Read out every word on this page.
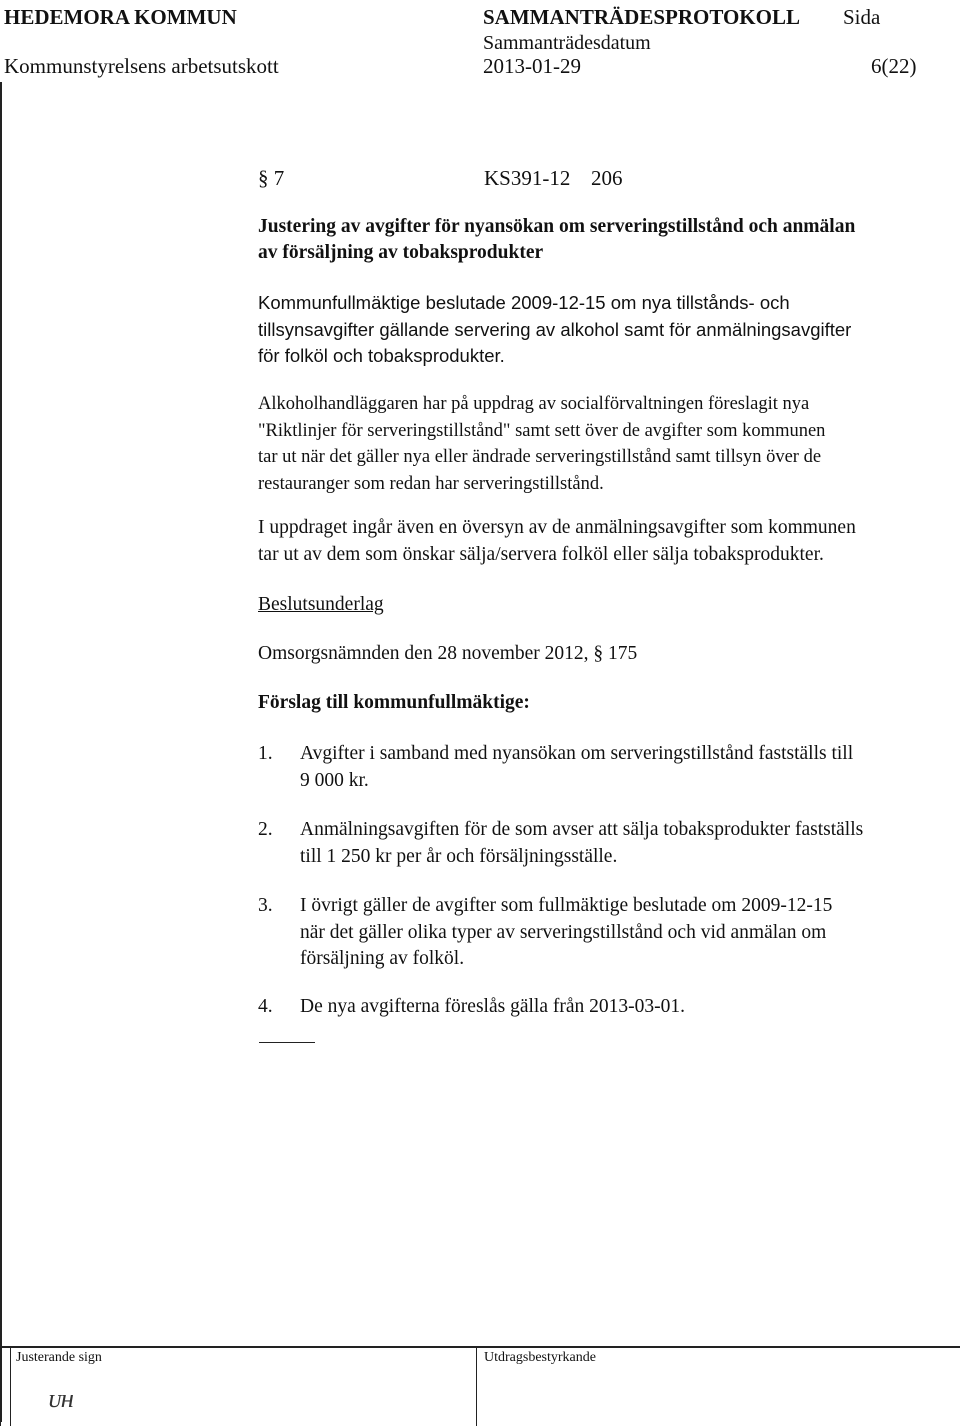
HEDEMORA KOMMUN
Kommunstyrelsens arbetsutskott
SAMMANTRÄDESPROTOKOLL
Sammanträdesdatum
2013-01-29
Sida
6(22)
§ 7	KS391-12 206
Justering av avgifter för nyansökan om serveringstillstånd och anmälan
av försäljning av tobaksprodukter
Kommunfullmäktige beslutade 2009-12-15 om nya tillstånds- och
tillsynsavgifter gällande servering av alkohol samt för anmälningsavgifter
för folköl och tobaksprodukter.
Alkoholhandläggaren har på uppdrag av socialförvaltningen föreslagit nya
"Riktlinjer för serveringstillstånd" samt sett över de avgifter som kommunen
tar ut när det gäller nya eller ändrade serveringstillstånd samt tillsyn över de
restauranger som redan har serveringstillstånd.
I uppdraget ingår även en översyn av de anmälningsavgifter som kommunen
tar ut av dem som önskar sälja/servera folköl eller sälja tobaksprodukter.
Beslutsunderlag
Omsorgsnämnden den 28 november 2012, § 175
Förslag till kommunfullmäktige:
1. Avgifter i samband med nyansökan om serveringstillstånd fastställs till
9 000 kr.
2. Anmälningsavgiften för de som avser att sälja tobaksprodukter fastställs
till 1 250 kr per år och försäljningsställe.
3. I övrigt gäller de avgifter som fullmäktige beslutade om 2009-12-15
när det gäller olika typer av serveringstillstånd och vid anmälan om
försäljning av folköl.
4. De nya avgifterna föreslås gälla från 2013-03-01.
Justerande sign	Utdragsbestyrkande
ᴜʜ
